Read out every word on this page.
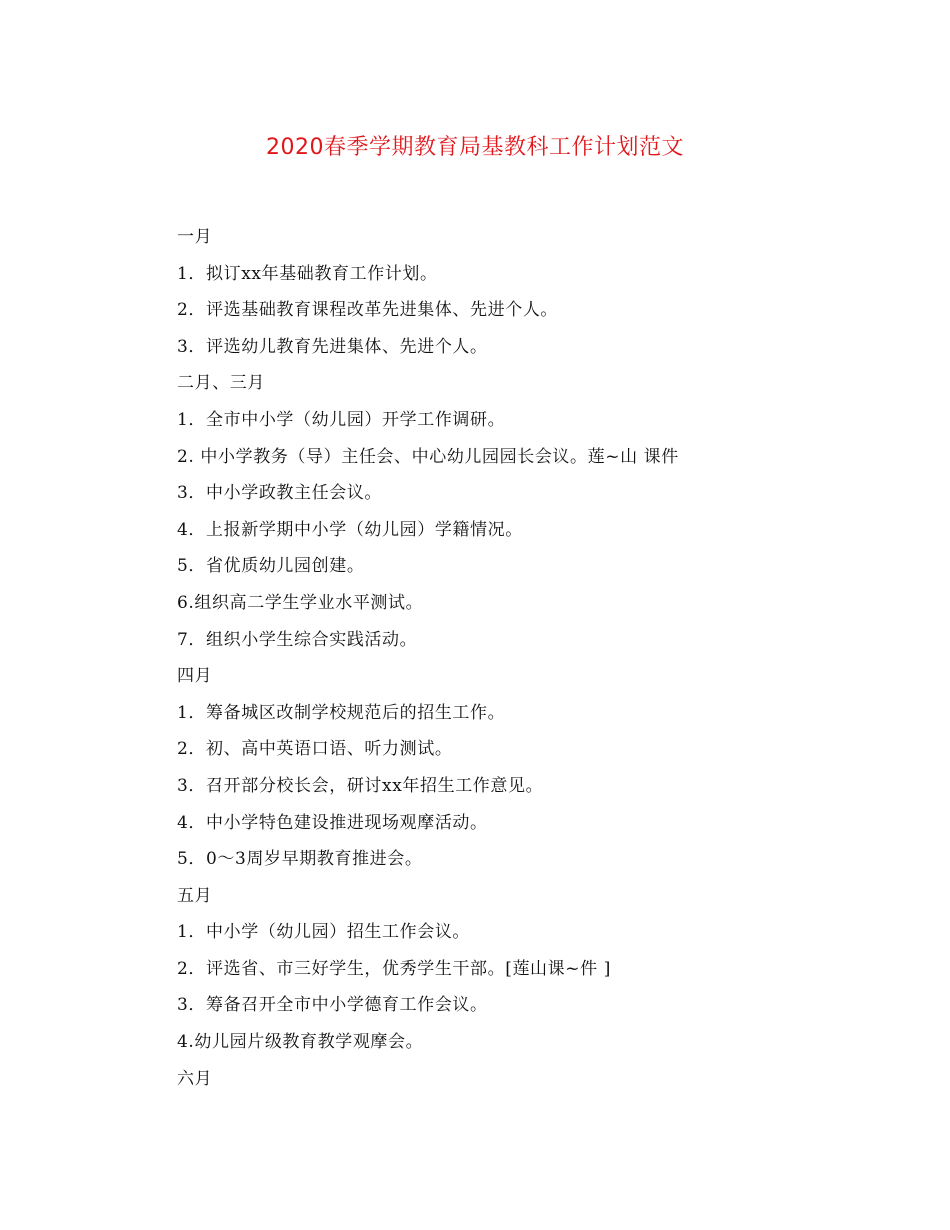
2020春季学期教育局基教科工作计划范文
一月
1．拟订xx年基础教育工作计划。
2．评选基础教育课程改革先进集体、先进个人。
3．评选幼儿教育先进集体、先进个人。
二月、三月
1．全市中小学（幼儿园）开学工作调研。
2. 中小学教务（导）主任会、中心幼儿园园长会议。莲~山 课件
3．中小学政教主任会议。
4．上报新学期中小学（幼儿园）学籍情况。
5．省优质幼儿园创建。
6.组织高二学生学业水平测试。
7．组织小学生综合实践活动。
四月
1．筹备城区改制学校规范后的招生工作。
2．初、高中英语口语、听力测试。
3．召开部分校长会，研讨xx年招生工作意见。
4．中小学特色建设推进现场观摩活动。
5．0～3周岁早期教育推进会。
五月
1．中小学（幼儿园）招生工作会议。
2．评选省、市三好学生，优秀学生干部。[莲山课~件 ]
3．筹备召开全市中小学德育工作会议。
4.幼儿园片级教育教学观摩会。
六月
